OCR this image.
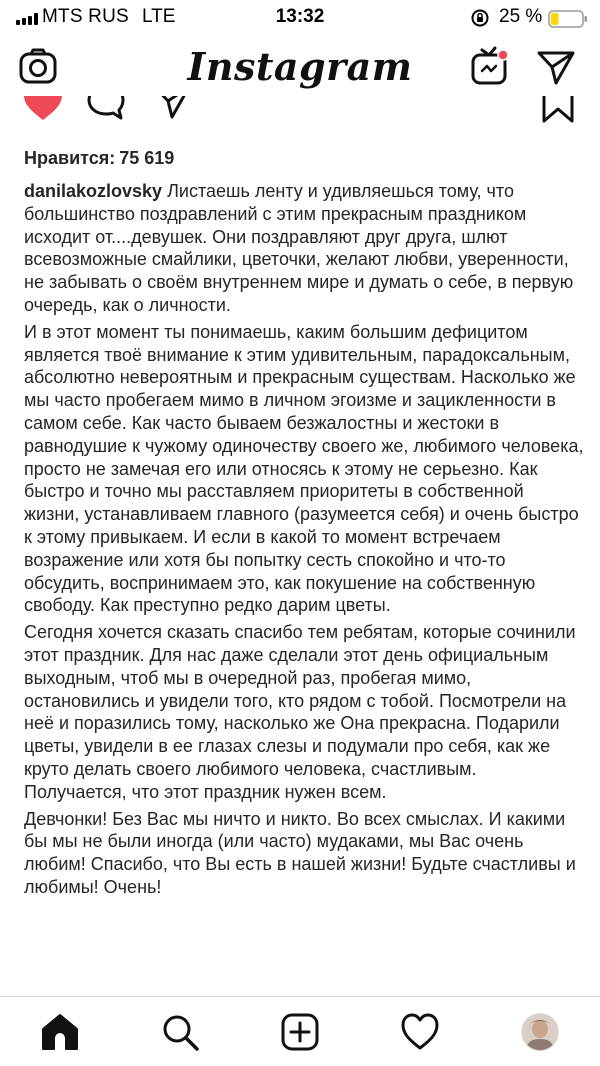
MTS RUS LTE	13:32	25 %
Instagram
Нравится: 75 619

danilakozlovsky Листаешь ленту и удивляешься тому, что большинство поздравлений с этим прекрасным праздником исходит от....девушек. Они поздравляют друг друга, шлют всевозможные смайлики, цветочки, желают любви, уверенности, не забывать о своём внутреннем мире и думать о себе, в первую очередь, как о личности.

И в этот момент ты понимаешь, каким большим дефицитом является твоё внимание к этим удивительным, парадоксальным, абсолютно невероятным и прекрасным существам. Насколько же мы часто пробегаем мимо в личном эгоизме и зацикленности в самом себе. Как часто бываем безжалостны и жестоки в равнодушие к чужому одиночеству своего же, любимого человека, просто не замечая его или относясь к этому не серьезно. Как быстро и точно мы расставляем приоритеты в собственной жизни, устанавливаем главного (разумеется себя) и очень быстро к этому привыкаем. И если в какой то момент встречаем возражение или хотя бы попытку сесть спокойно и что-то обсудить, воспринимаем это, как покушение на собственную свободу. Как преступно редко дарим цветы.

Сегодня хочется сказать спасибо тем ребятам, которые сочинили этот праздник. Для нас даже сделали этот день официальным выходным, чтоб мы в очередной раз, пробегая мимо, остановились и увидели того, кто рядом с тобой. Посмотрели на неё и поразились тому, насколько же Она прекрасна. Подарили цветы, увидели в ее глазах слезы и подумали про себя, как же круто делать своего любимого человека, счастливым. Получается, что этот праздник нужен всем.

Девчонки! Без Вас мы ничто и никто. Во всех смыслах. И какими бы мы не были иногда (или часто) мудаками, мы Вас очень любим! Спасибо, что Вы есть в нашей жизни! Будьте счастливы и любимы! Очень!
